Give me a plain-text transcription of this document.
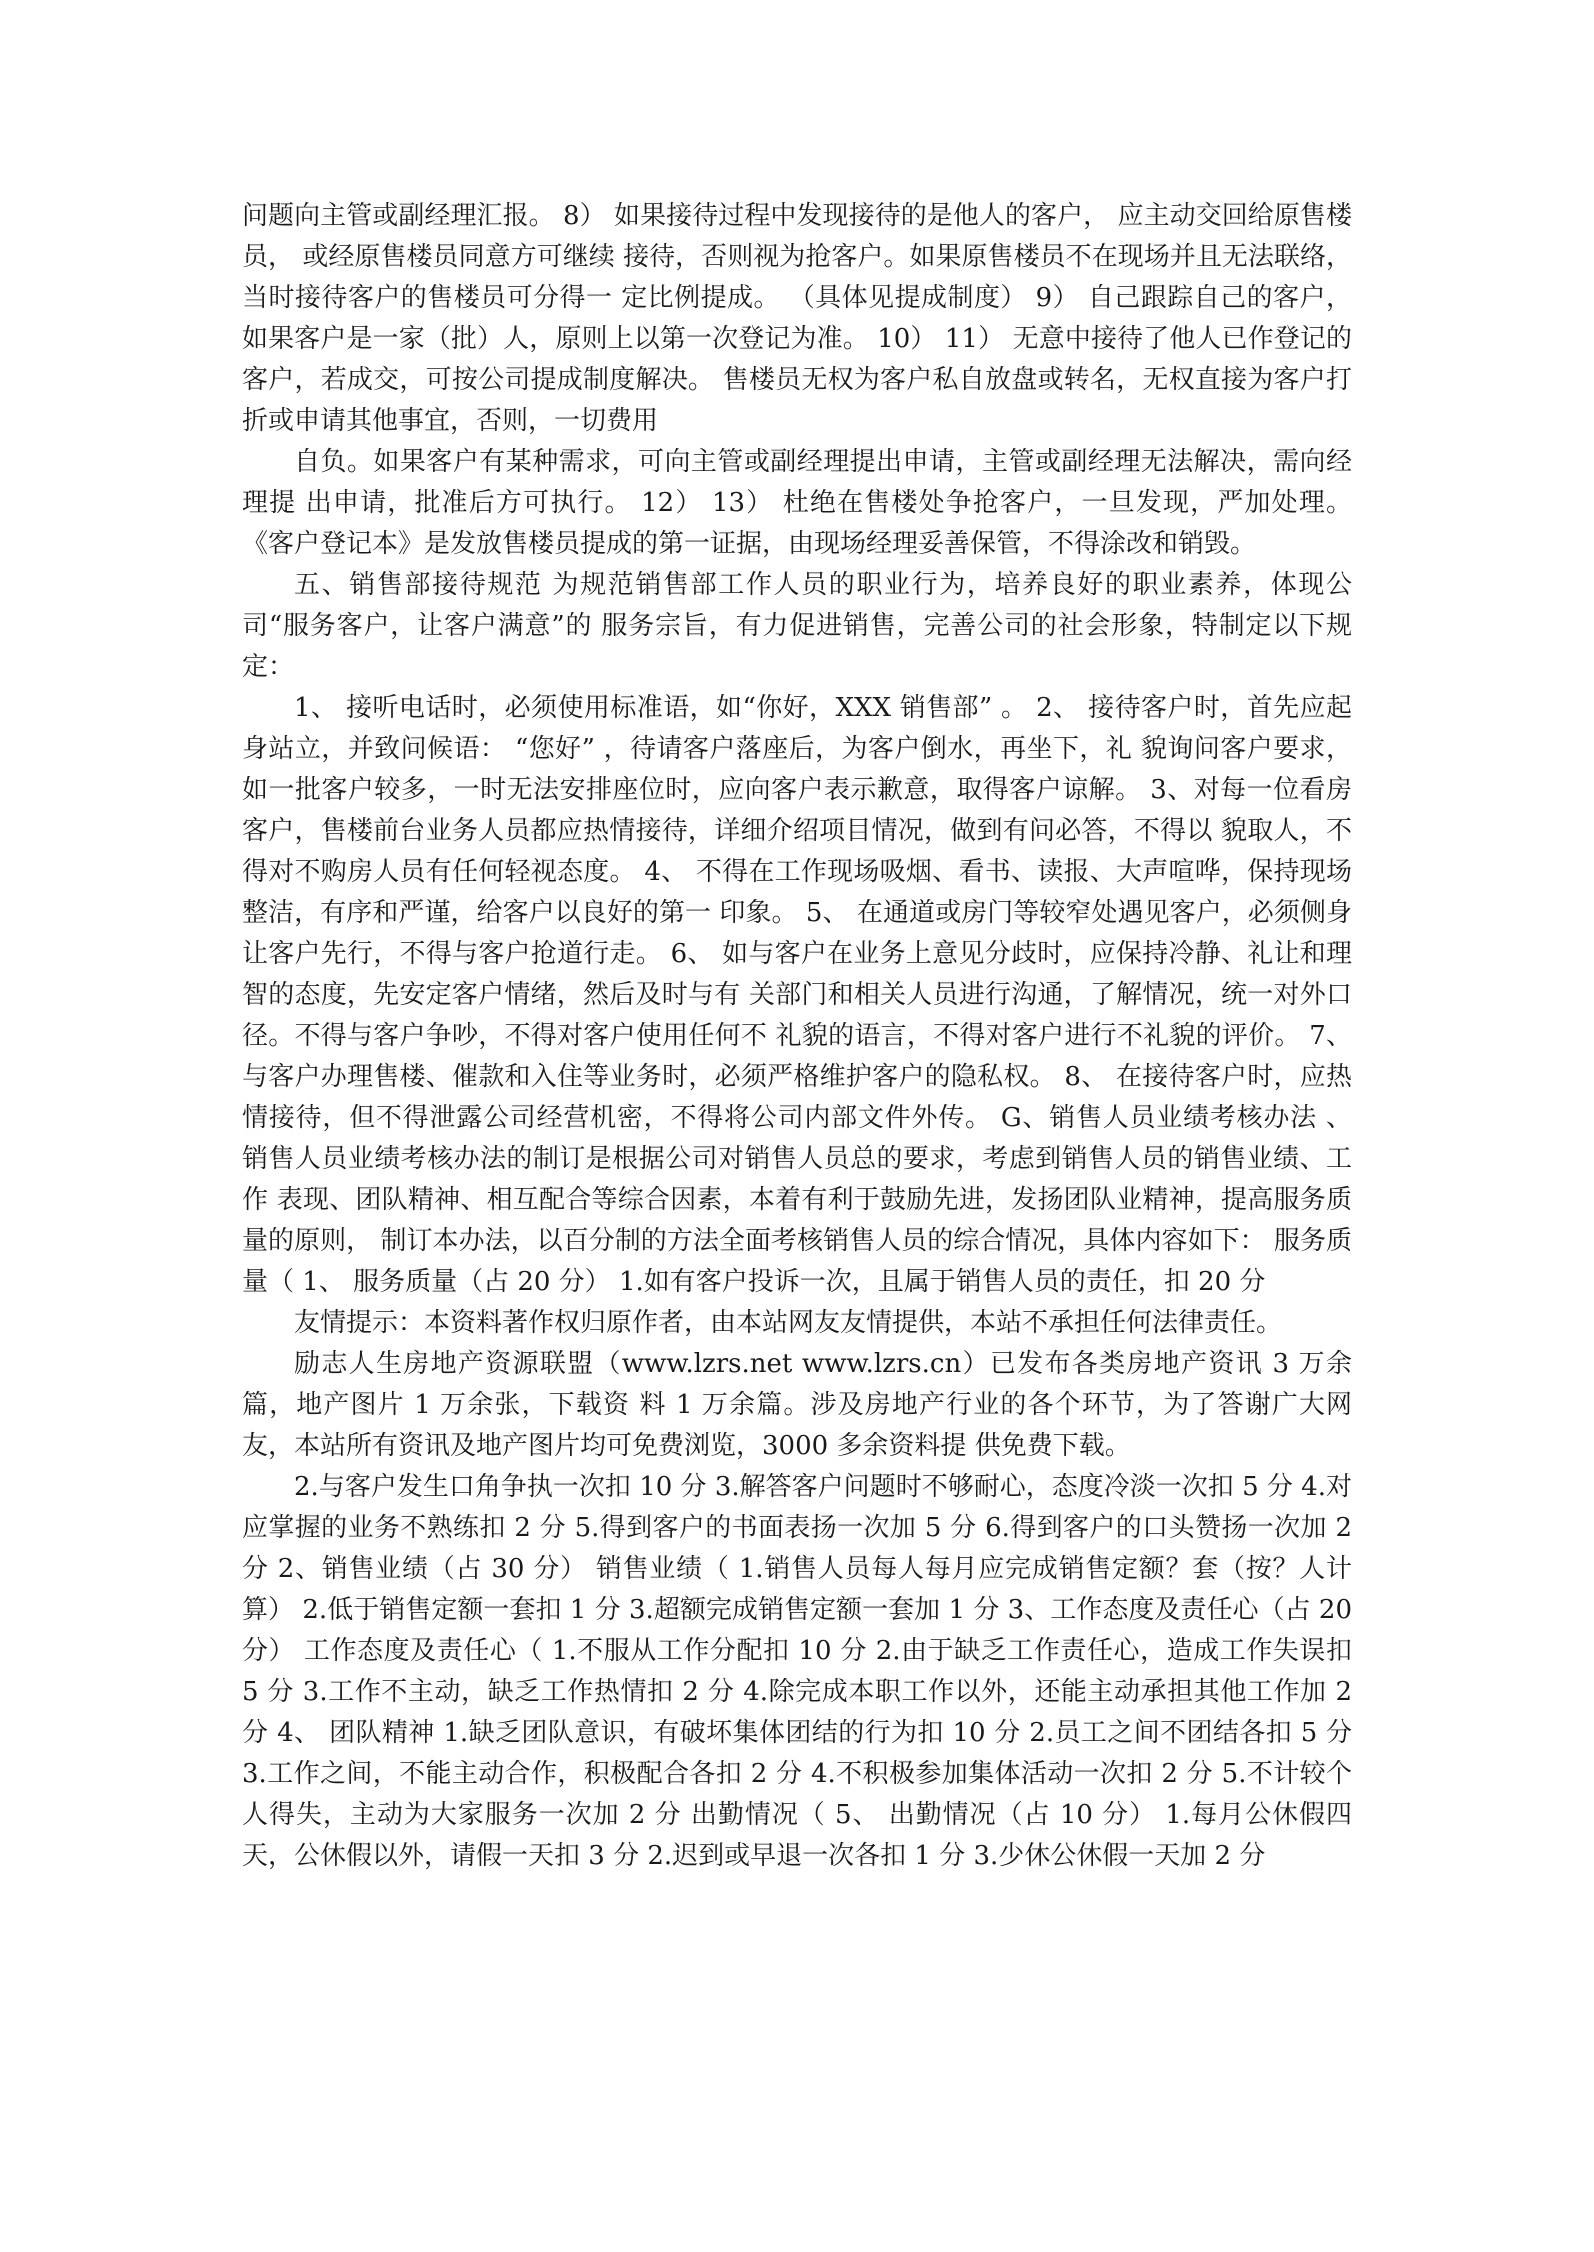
问题向主管或副经理汇报。 8） 如果接待过程中发现接待的是他人的客户， 应主动交回给原售楼员， 或经原售楼员同意方可继续 接待，否则视为抢客户。如果原售楼员不在现场并且无法联络，当时接待客户的售楼员可分得一 定比例提成。 （具体见提成制度） 9） 自己跟踪自己的客户，如果客户是一家（批）人，原则上以第一次登记为准。 10） 11） 无意中接待了他人已作登记的客户，若成交，可按公司提成制度解决。 售楼员无权为客户私自放盘或转名，无权直接为客户打折或申请其他事宜，否则，一切费用

自负。如果客户有某种需求，可向主管或副经理提出申请，主管或副经理无法解决，需向经理提 出申请，批准后方可执行。 12） 13） 杜绝在售楼处争抢客户，一旦发现，严加处理。 《客户登记本》是发放售楼员提成的第一证据，由现场经理妥善保管，不得涂改和销毁。

五、销售部接待规范 为规范销售部工作人员的职业行为，培养良好的职业素养，体现公司“服务客户，让客户满意”的 服务宗旨，有力促进销售，完善公司的社会形象，特制定以下规定：

1、 接听电话时，必须使用标准语，如“你好，XXX 销售部” 。 2、 接待客户时，首先应起身站立，并致问候语： “您好” ，待请客户落座后，为客户倒水，再坐下，礼 貌询问客户要求，如一批客户较多，一时无法安排座位时，应向客户表示歉意，取得客户谅解。 3、对每一位看房客户，售楼前台业务人员都应热情接待，详细介绍项目情况，做到有问必答，不得以 貌取人，不得对不购房人员有任何轻视态度。 4、 不得在工作现场吸烟、看书、读报、大声喧哗，保持现场整洁，有序和严谨，给客户以良好的第一 印象。 5、 在通道或房门等较窄处遇见客户，必须侧身让客户先行，不得与客户抢道行走。 6、 如与客户在业务上意见分歧时，应保持冷静、礼让和理智的态度，先安定客户情绪，然后及时与有 关部门和相关人员进行沟通，了解情况，统一对外口径。不得与客户争吵，不得对客户使用任何不 礼貌的语言，不得对客户进行不礼貌的评价。 7、 与客户办理售楼、催款和入住等业务时，必须严格维护客户的隐私权。 8、 在接待客户时，应热情接待，但不得泄露公司经营机密，不得将公司内部文件外传。 G、销售人员业绩考核办法 、 销售人员业绩考核办法的制订是根据公司对销售人员总的要求，考虑到销售人员的销售业绩、工作 表现、团队精神、相互配合等综合因素，本着有利于鼓励先进，发扬团队业精神，提高服务质量的原则， 制订本办法，以百分制的方法全面考核销售人员的综合情况，具体内容如下： 服务质量（ 1、 服务质量（占 20 分） 1.如有客户投诉一次，且属于销售人员的责任，扣 20 分

友情提示：本资料著作权归原作者，由本站网友友情提供，本站不承担任何法律责任。

励志人生房地产资源联盟（www.lzrs.net www.lzrs.cn）已发布各类房地产资讯 3 万余篇，地产图片 1 万余张，下载资 料 1 万余篇。涉及房地产行业的各个环节，为了答谢广大网友，本站所有资讯及地产图片均可免费浏览，3000 多余资料提 供免费下载。

2.与客户发生口角争执一次扣 10 分 3.解答客户问题时不够耐心，态度冷淡一次扣 5 分 4.对应掌握的业务不熟练扣 2 分 5.得到客户的书面表扬一次加 5 分 6.得到客户的口头赞扬一次加 2 分 2、销售业绩（占 30 分） 销售业绩（ 1.销售人员每人每月应完成销售定额？套（按？人计算） 2.低于销售定额一套扣 1 分 3.超额完成销售定额一套加 1 分 3、工作态度及责任心（占 20 分） 工作态度及责任心（ 1.不服从工作分配扣 10 分 2.由于缺乏工作责任心，造成工作失误扣 5 分 3.工作不主动，缺乏工作热情扣 2 分 4.除完成本职工作以外，还能主动承担其他工作加 2 分 4、 团队精神 1.缺乏团队意识，有破坏集体团结的行为扣 10 分 2.员工之间不团结各扣 5 分 3.工作之间，不能主动合作，积极配合各扣 2 分 4.不积极参加集体活动一次扣 2 分 5.不计较个人得失，主动为大家服务一次加 2 分 出勤情况（ 5、 出勤情况（占 10 分） 1.每月公休假四天，公休假以外，请假一天扣 3 分 2.迟到或早退一次各扣 1 分 3.少休公休假一天加 2 分
